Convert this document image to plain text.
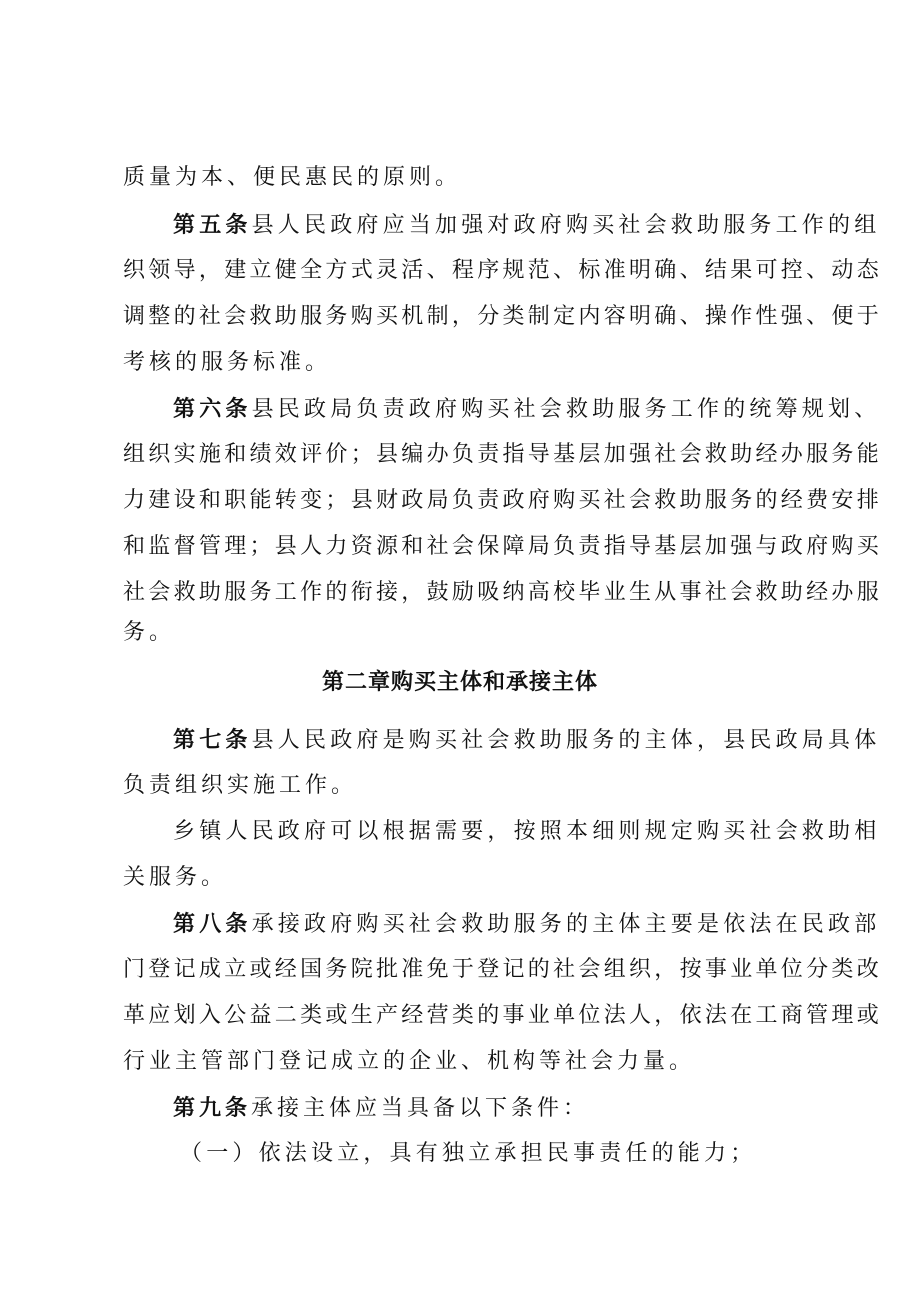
质量为本、便民惠民的原则。
第五条县人民政府应当加强对政府购买社会救助服务工作的组
织领导，建立健全方式灵活、程序规范、标准明确、结果可控、动态
调整的社会救助服务购买机制，分类制定内容明确、操作性强、便于
考核的服务标准。
第六条县民政局负责政府购买社会救助服务工作的统筹规划、
组织实施和绩效评价；县编办负责指导基层加强社会救助经办服务能
力建设和职能转变；县财政局负责政府购买社会救助服务的经费安排
和监督管理；县人力资源和社会保障局负责指导基层加强与政府购买
社会救助服务工作的衔接，鼓励吸纳高校毕业生从事社会救助经办服
务。
第二章购买主体和承接主体
第七条县人民政府是购买社会救助服务的主体，县民政局具体
负责组织实施工作。
乡镇人民政府可以根据需要，按照本细则规定购买社会救助相
关服务。
第八条承接政府购买社会救助服务的主体主要是依法在民政部
门登记成立或经国务院批准免于登记的社会组织，按事业单位分类改
革应划入公益二类或生产经营类的事业单位法人，依法在工商管理或
行业主管部门登记成立的企业、机构等社会力量。
第九条承接主体应当具备以下条件：
（一）依法设立，具有独立承担民事责任的能力；
